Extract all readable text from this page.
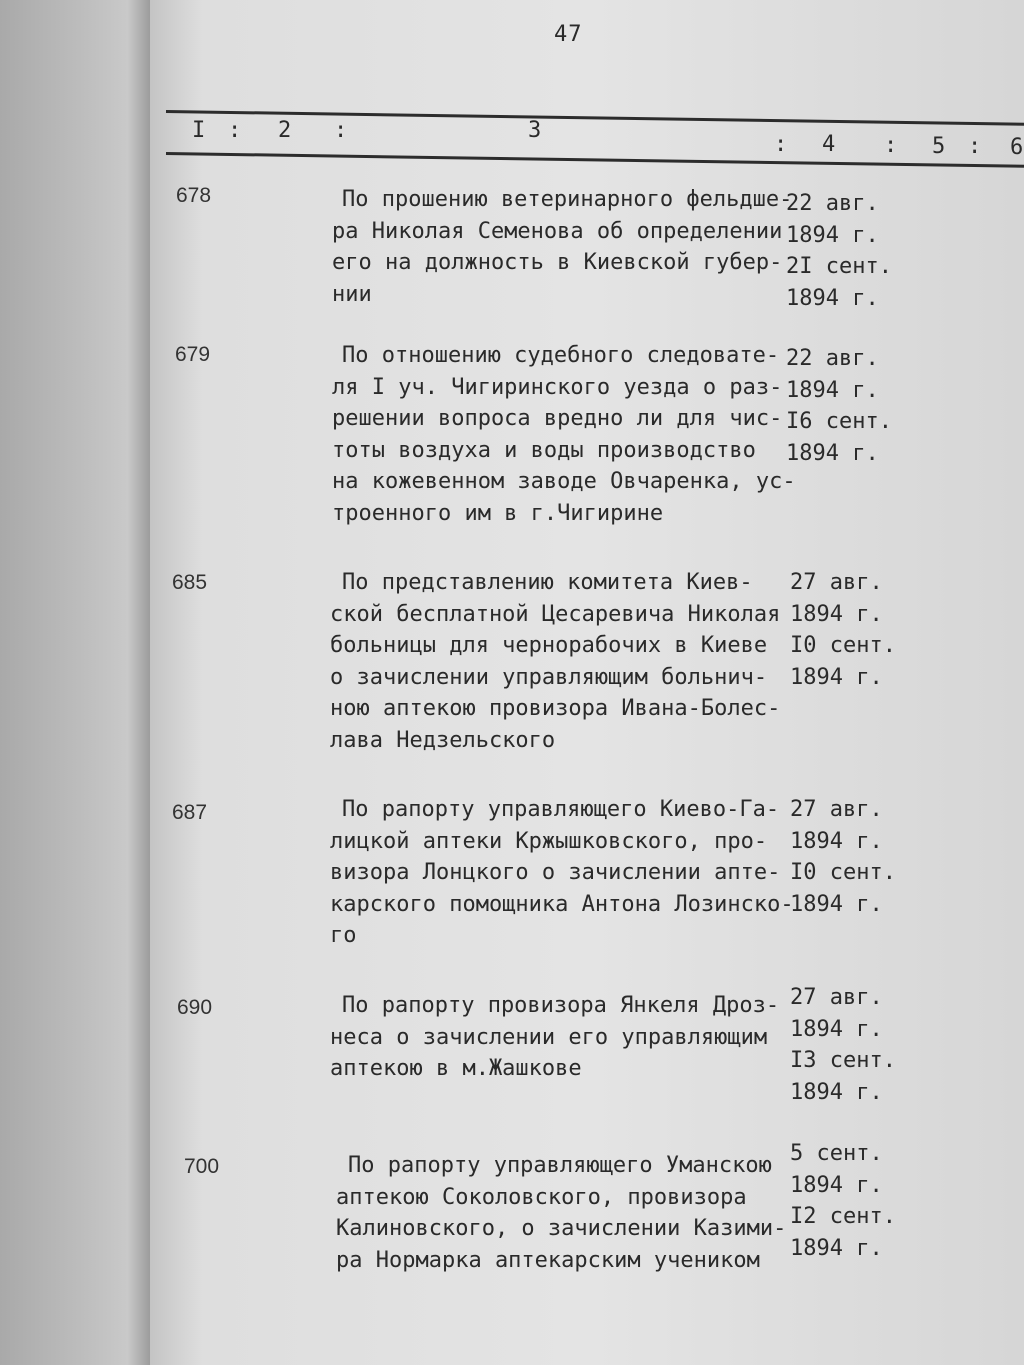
47
I : 2 :	3
: 4 : 5 : 6
678	По прошению ветеринарного фельдше-
ра Николая Семенова об определении
его на должность в Киевской губер-
нии
22 авг.
1894 г.
2I сент.
1894 г.
679	По отношению судебного следовате-
ля I уч. Чигиринского уезда о раз-
решении вопроса вредно ли для чис-
тоты воздуха и воды производство
на кожевенном заводе Овчаренка, ус-
троенного им в г.Чигирине
22 авг.
1894 г.
I6 сент.
1894 г.
685	По представлению комитета Киев-
ской бесплатной Цесаревича Николая
больницы для чернорабочих в Киеве
о зачислении управляющим больнич-
ною аптекою провизора Ивана-Болес-
лава Недзельского
27 авг.
1894 г.
I0 сент.
1894 г.
687	По рапорту управляющего Киево-Га-
лицкой аптеки Кржышковского, про-
визора Лонцкого о зачислении апте-
карского помощника Антона Лозинско-
го
27 авг.
1894 г.
I0 сент.
1894 г.
690	По рапорту провизора Янкеля Дроз-
неса о зачислении его управляющим
аптекою в м.Жашкове
27 авг.
1894 г.
I3 сент.
1894 г.
700	По рапорту управляющего Уманскою
аптекою Соколовского, провизора
Калиновского, о зачислении Казими-
ра Нормарка аптекарским учеником
5 сент.
1894 г.
I2 сент.
1894 г.
